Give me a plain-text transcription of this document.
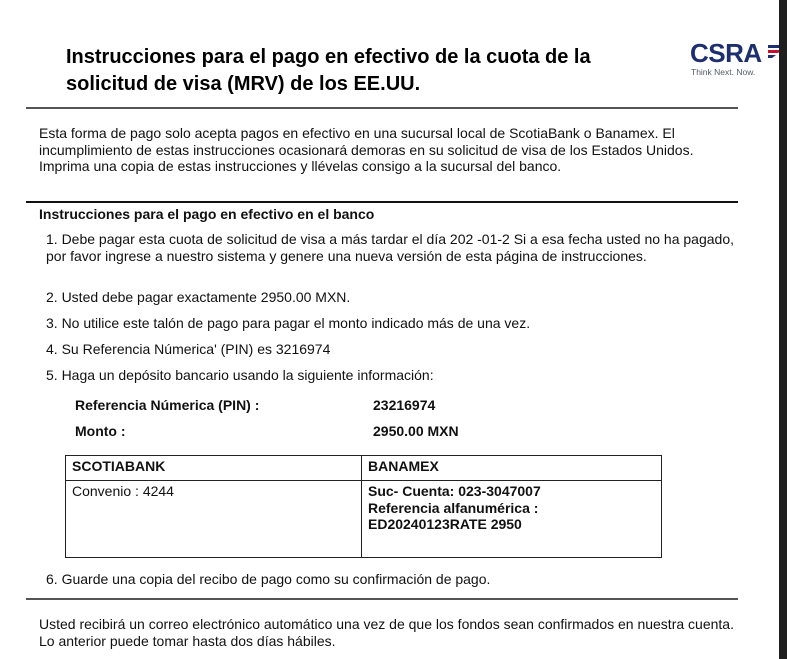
Instrucciones para el pago en efectivo de la cuota de la solicitud de visa (MRV) de los EE.UU.
CSRA
Think Next. Now.
Esta forma de pago solo acepta pagos en efectivo en una sucursal local de ScotiaBank o Banamex. El incumplimiento de estas instrucciones ocasionará demoras en su solicitud de visa de los Estados Unidos. Imprima una copia de estas instrucciones y llévelas consigo a la sucursal del banco.
Instrucciones para el pago en efectivo en el banco
1. Debe pagar esta cuota de solicitud de visa a más tardar el día 202 -01-2 Si a esa fecha usted no ha pagado, por favor ingrese a nuestro sistema y genere una nueva versión de esta página de instrucciones.
2. Usted debe pagar exactamente 2950.00 MXN.
3. No utilice este talón de pago para pagar el monto indicado más de una vez.
4. Su Referencia Númerica' (PIN) es 3216974
5. Haga un depósito bancario usando la siguiente información:
Referencia Númerica (PIN) :	23216974
Monto :	2950.00 MXN
SCOTIABANK	BANAMEX

Convenio : 4244	Suc- Cuenta: 023-3047007
Referencia alfanumérica :
ED20240123RATE 2950
6. Guarde una copia del recibo de pago como su confirmación de pago.
Usted recibirá un correo electrónico automático una vez de que los fondos sean confirmados en nuestra cuenta. Lo anterior puede tomar hasta dos días hábiles.
